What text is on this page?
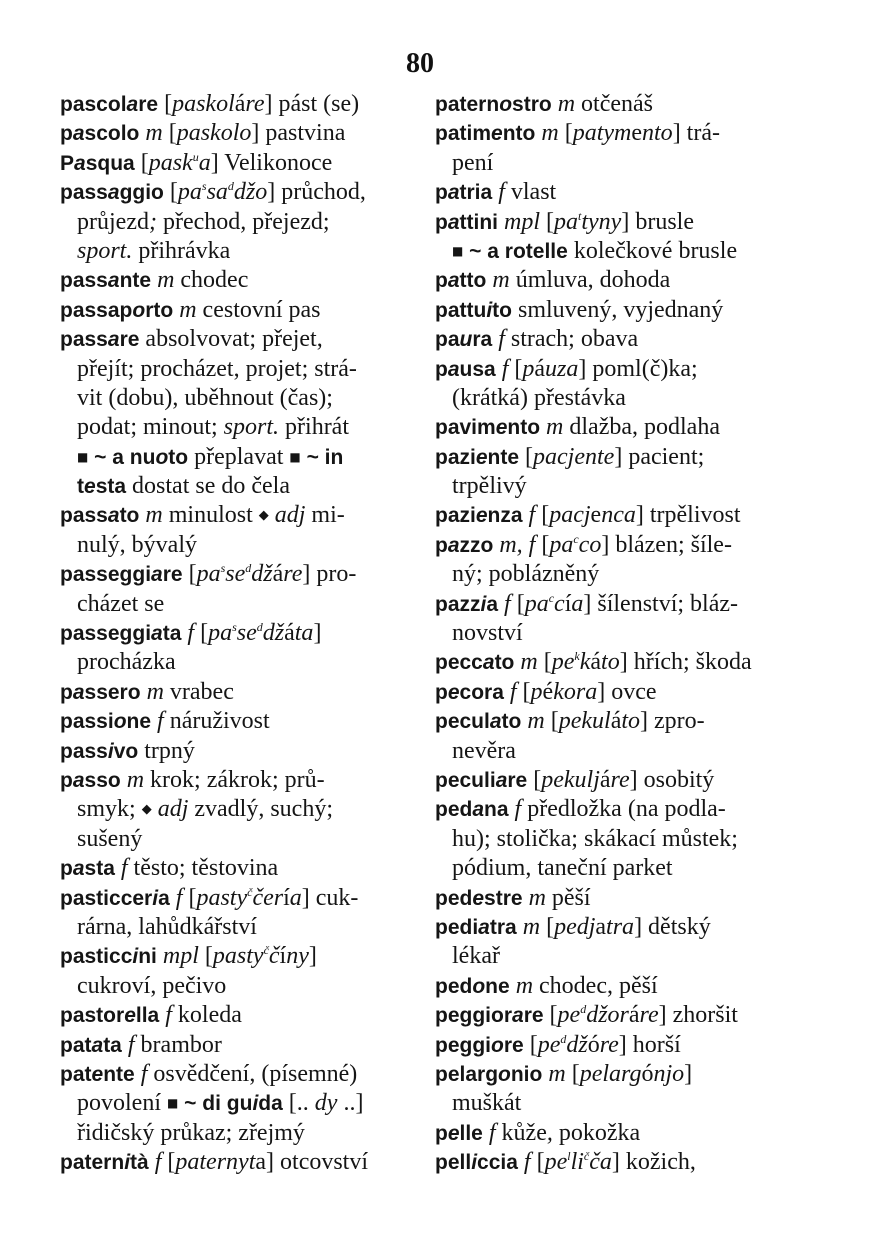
80
pascolare [paskoláre] pást (se)
pascolo m [paskolo] pastvina
Pasqua [pask$^u$a] Velikonoce
passaggio $[pa^ssa^ddžo]$ průchod,
průjezd; přechod, přejezd;
sport. přihrávka
passante m chodec
passaporto m cestovní pas
passare absolvovat; přejet,
přejít; procházet, projet; strá-
vit (dobu), uběhnout (čas);
podat; minout; sport. přihrát
■ ~ a nuoto přeplavat ■ ~ in
testa dostat se do čela
passato m minulost ◆ adj mi-
nulý, bývalý
passeggiare $[pa^sse^ddžáre]$ pro-
cházet se
passeggiata f $[pa^sse^ddžáta]$
procházka
passero m vrabec
passione f náruživost
passivo trpný
passo m krok; zákrok; prů-
smyk; ◆ adj zvadlý, suchý;
sušený
pasta f těsto; těstovina
pasticceria f [pasty$^č$čería] cuk-
rárna, lahůdkářství
pasticcini mpl [pasty$^č$číny]
cukroví, pečivo
pastorella f koleda
patata f brambor
patente f osvědčení, (písemné)
povolení ■ ~ di guida [.. dy ..]
řidičský průkaz; zřejmý
paternità f [paternyta] otcovství
paternostro m otčenáš
patimento m [patymento] trá-
pení
patria f vlast
pattini mpl $[pa^ttyny]$ brusle
■ ~ a rotelle kolečkové brusle
patto m úmluva, dohoda
pattuito smluvený, vyjednaný
paura f strach; obava
pausa f [páuza] poml(č)ka;
(krátká) přestávka
pavimento m dlažba, podlaha
paziente [pacjente] pacient;
trpělivý
pazienza f [pacjenca] trpělivost
pazzo m, f $[pa^cco]$ blázen; šíle-
ný; poblázněný
pazzia f $[pa^ccía]$ šílenství; bláz-
novství
peccato m $[pe^kkáto]$ hřích; škoda
pecora f [pékora] ovce
peculato m [pekuláto] zpro-
nevěra
peculiare [pekuljáre] osobitý
pedana f předložka (na podla-
hu); stolička; skákací můstek;
pódium, taneční parket
pedestre m pěší
pediatra m [pedjatra] dětský
lékař
pedone m chodec, pěší
peggiorare $[pe^ddžoráre]$ zhoršit
peggiore $[pe^ddžóre]$ horší
pelargonio m [pelargónjo]
muškát
pelle f kůže, pokožka
pelliccia f $[pe^lli^čča]$ kožich,
